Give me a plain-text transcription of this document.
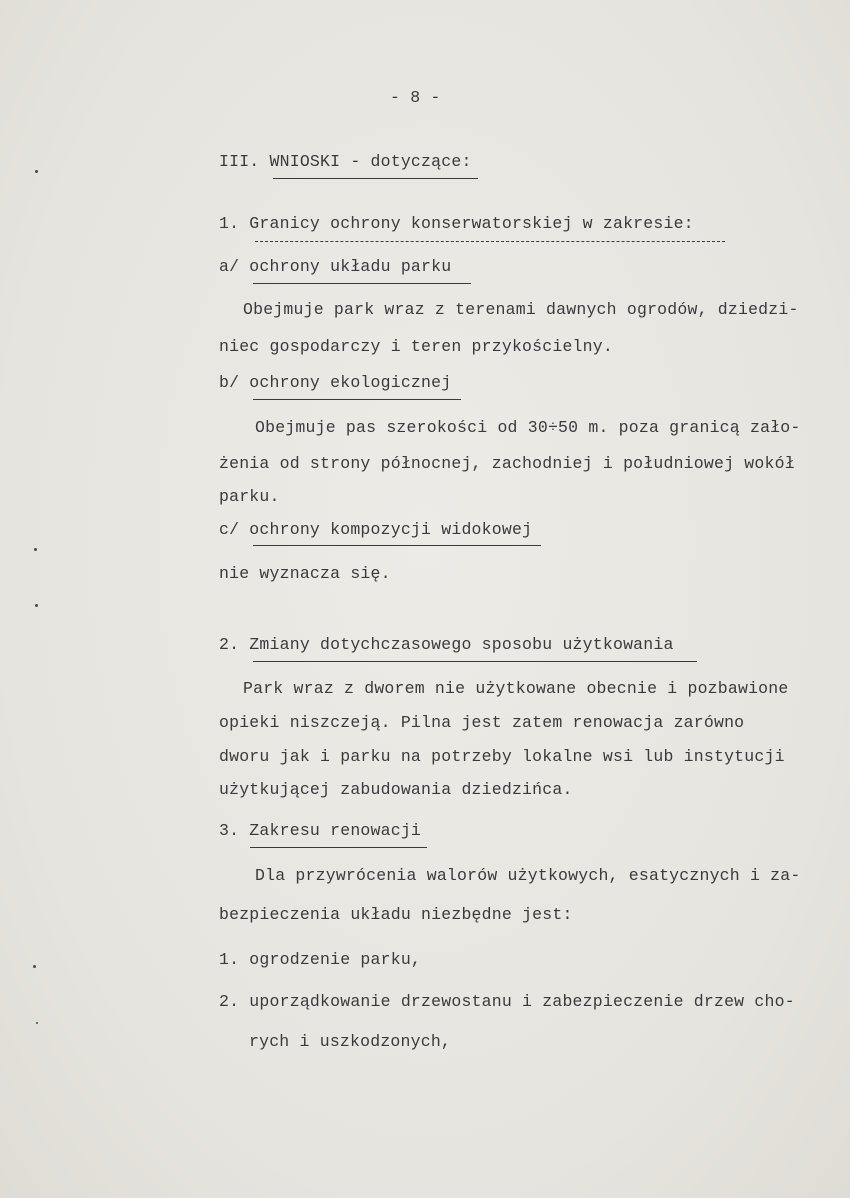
- 8 -
III. WNIOSKI - dotyczące:
1. Granicy ochrony konserwatorskiej w zakresie:
a/ ochrony układu parku
Obejmuje park wraz z terenami dawnych ogrodów, dziedzi-
niec gospodarczy i teren przykościelny.
b/ ochrony ekologicznej
Obejmuje pas szerokości od 30÷50 m. poza granicą zało-
żenia od strony północnej, zachodniej i południowej wokół
parku.
c/ ochrony kompozycji widokowej
nie wyznacza się.
2. Zmiany dotychczasowego sposobu użytkowania
Park wraz z dworem nie użytkowane obecnie i pozbawione
opieki niszczeją. Pilna jest zatem renowacja zarówno
dworu jak i parku na potrzeby lokalne wsi lub instytucji
użytkującej zabudowania dziedzińca.
3. Zakresu renowacji
Dla przywrócenia walorów użytkowych, esatycznych i za-
bezpieczenia układu niezbędne jest:
1. ogrodzenie parku,
2. uporządkowanie drzewostanu i zabezpieczenie drzew cho-
rych i uszkodzonych,
